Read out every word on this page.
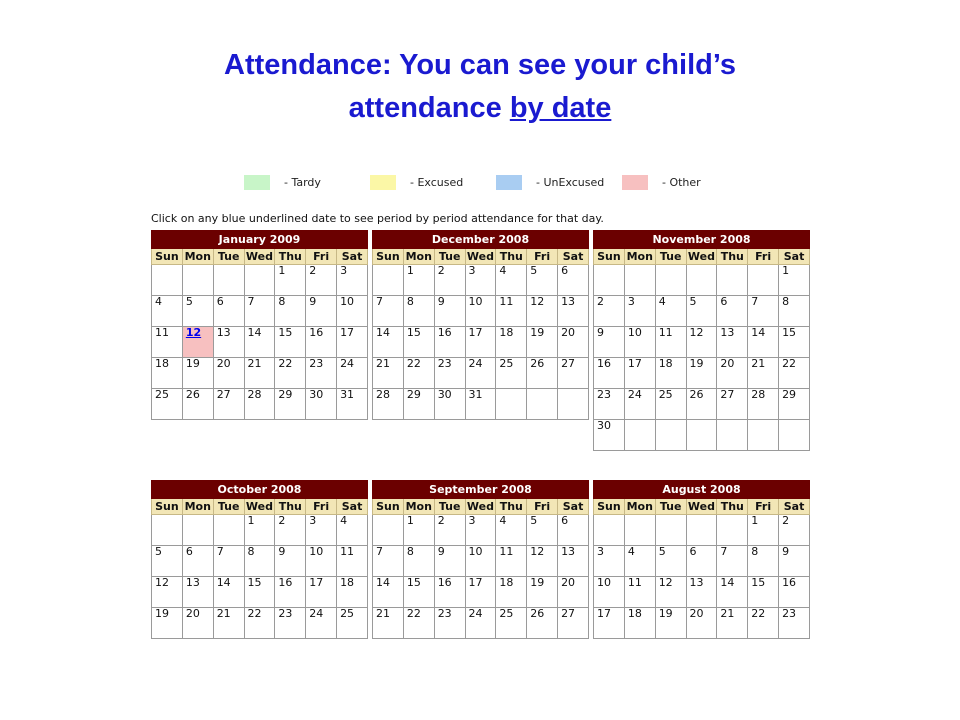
Attendance: You can see your child’s
attendance by date
- Tardy	- Excused	- UnExcused	- Other
Click on any blue underlined date to see period by period attendance for that day.
January 2009						
Sun	Mon	Tue	Wed	Thu	Fri	Sat
				1	2	3
4	5	6	7	8	9	10
11	12	13	14	15	16	17
18	19	20	21	22	23	24
25	26	27	28	29	30	31
December 2008						
Sun	Mon	Tue	Wed	Thu	Fri	Sat
	1	2	3	4	5	6
7	8	9	10	11	12	13
14	15	16	17	18	19	20
21	22	23	24	25	26	27
28	29	30	31			
November 2008						
Sun	Mon	Tue	Wed	Thu	Fri	Sat
						1
2	3	4	5	6	7	8
9	10	11	12	13	14	15
16	17	18	19	20	21	22
23	24	25	26	27	28	29
30						
October 2008						
Sun	Mon	Tue	Wed	Thu	Fri	Sat
			1	2	3	4
5	6	7	8	9	10	11
12	13	14	15	16	17	18
19	20	21	22	23	24	25
September 2008						
Sun	Mon	Tue	Wed	Thu	Fri	Sat
	1	2	3	4	5	6
7	8	9	10	11	12	13
14	15	16	17	18	19	20
21	22	23	24	25	26	27
August 2008						
Sun	Mon	Tue	Wed	Thu	Fri	Sat
					1	2
3	4	5	6	7	8	9
10	11	12	13	14	15	16
17	18	19	20	21	22	23
